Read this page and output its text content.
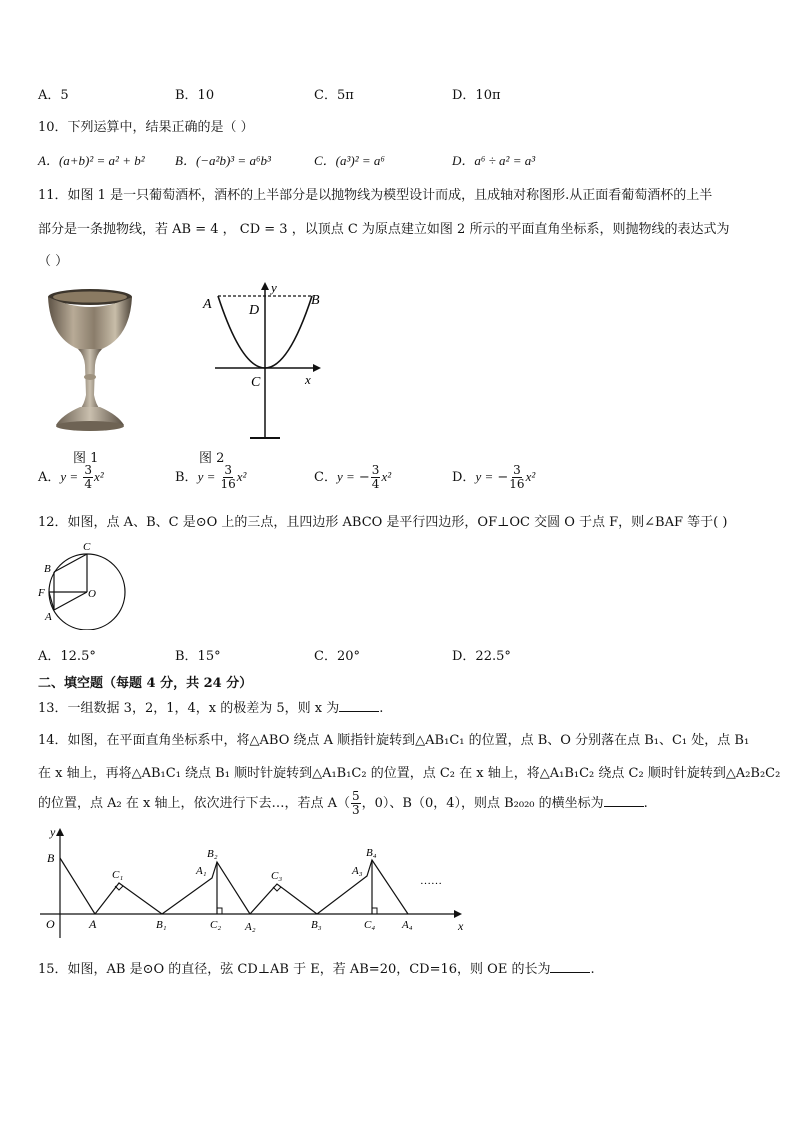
A．5	B．10	C．5π	D．10π
10．下列运算中，结果正确的是（ ）
A．(a+b)² = a² + b² B．(−a²b)³ = a⁶b³	C．(a³)² = a⁶	D．a⁶ ÷ a² = a³
11．如图 1 是一只葡萄酒杯，酒杯的上半部分是以抛物线为模型设计而成，且成轴对称图形.从正面看葡萄酒杯的上半
部分是一条抛物线，若 AB = 4 ， CD = 3 ，以顶点 C 为原点建立如图 2 所示的平面直角坐标系，则抛物线的表达式为
（ ）
图 1
A	B
D
C
y
x
图 2
A．$y = \frac{3}{4} x^2$	B．$y = \frac{3}{16} x^2$	C．y = − $\frac{3}{4} x^2$	D．y = − $\frac{3}{16} x^2$
12．如图，点 A、B、C 是⊙O 上的三点，且四边形 ABCO 是平行四边形，OF⊥OC 交圆 O 于点 F，则∠BAF 等于( )
C
B
F	O
A
A．12.5°	B．15°	C．20°	D．22.5°
二、填空题（每题 4 分，共 24 分）
13．一组数据 3，2，1，4，x 的极差为 5，则 x 为	.
14．如图，在平面直角坐标系中，将△ABO 绕点 A 顺指针旋转到△AB₁C₁ 的位置，点 B、O 分别落在点 B₁、C₁ 处，点 B₁
在 x 轴上，再将△AB₁C₁ 绕点 B₁ 顺时针旋转到△A₁B₁C₂ 的位置，点 C₂ 在 x 轴上，将△A₁B₁C₂ 绕点 C₂ 顺时针旋转到△A₂B₂C₂
的位置，点 A₂ 在 x 轴上，依次进行下去…，若点 $A( \frac{5}{3}$ ，0）、B（0，4），则点 B₂₀₂₀ 的横坐标为	.
y
B
O	A
C₁
B₁
A₁
B₂
C₂ A₂
C₃
B₃
A₃
B₄
C₄ A₄
……
x
15．如图，AB 是⊙O 的直径，弦 CD⊥AB 于 E，若 AB=20，CD=16，则 OE 的长为	.
